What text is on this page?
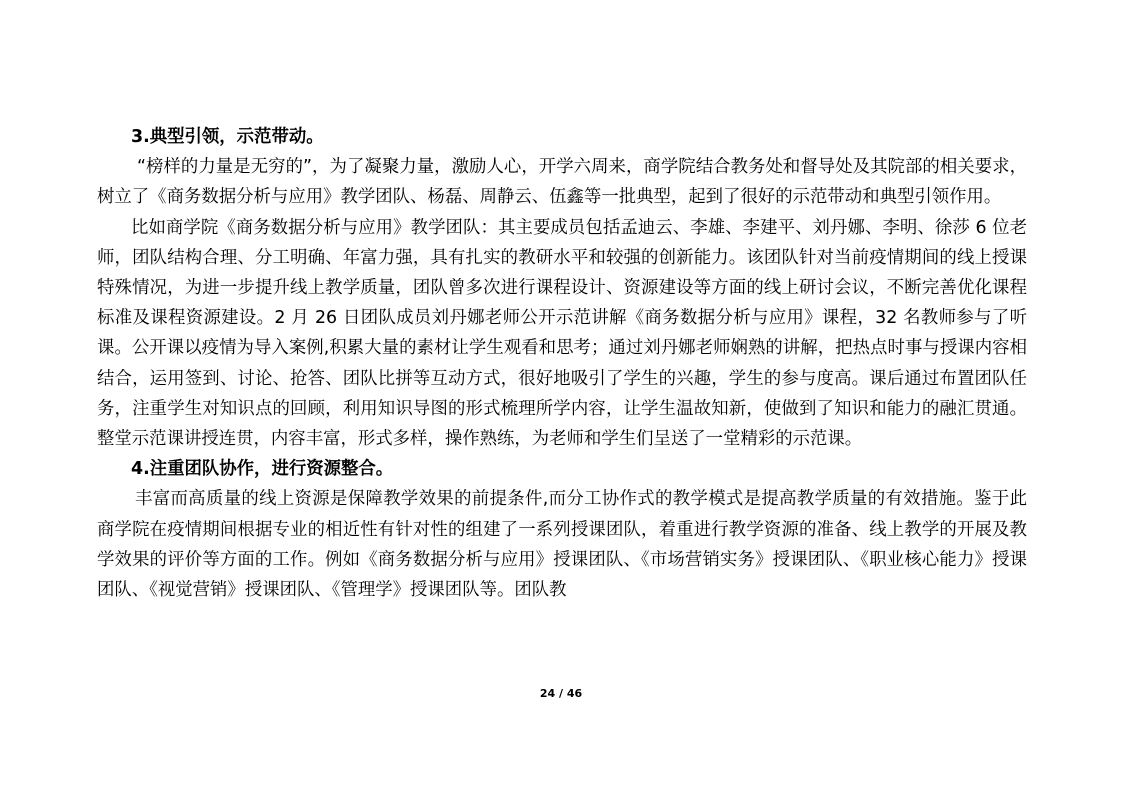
3.典型引领，示范带动。

“榜样的力量是无穷的”，为了凝聚力量，激励人心，开学六周来，商学院结合教务处和督导处及其院部的相关要求，树立了《商务数据分析与应用》教学团队、杨磊、周静云、伍鑫等一批典型，起到了很好的示范带动和典型引领作用。

比如商学院《商务数据分析与应用》教学团队：其主要成员包括孟迪云、李雄、李建平、刘丹娜、李明、徐莎 6 位老师，团队结构合理、分工明确、年富力强，具有扎实的教研水平和较强的创新能力。该团队针对当前疫情期间的线上授课特殊情况，为进一步提升线上教学质量，团队曾多次进行课程设计、资源建设等方面的线上研讨会议，不断完善优化课程标准及课程资源建设。2 月 26 日团队成员刘丹娜老师公开示范讲解《商务数据分析与应用》课程，32 名教师参与了听课。公开课以疫情为导入案例,积累大量的素材让学生观看和思考；通过刘丹娜老师娴熟的讲解，把热点时事与授课内容相结合，运用签到、讨论、抢答、团队比拼等互动方式，很好地吸引了学生的兴趣，学生的参与度高。课后通过布置团队任务，注重学生对知识点的回顾，利用知识导图的形式梳理所学内容，让学生温故知新，使做到了知识和能力的融汇贯通。整堂示范课讲授连贯，内容丰富，形式多样，操作熟练，为老师和学生们呈送了一堂精彩的示范课。

4.注重团队协作，进行资源整合。

丰富而高质量的线上资源是保障教学效果的前提条件,而分工协作式的教学模式是提高教学质量的有效措施。鉴于此商学院在疫情期间根据专业的相近性有针对性的组建了一系列授课团队，着重进行教学资源的准备、线上教学的开展及教学效果的评价等方面的工作。例如《商务数据分析与应用》授课团队、《市场营销实务》授课团队、《职业核心能力》授课团队、《视觉营销》授课团队、《管理学》授课团队等。团队教

24 / 46
